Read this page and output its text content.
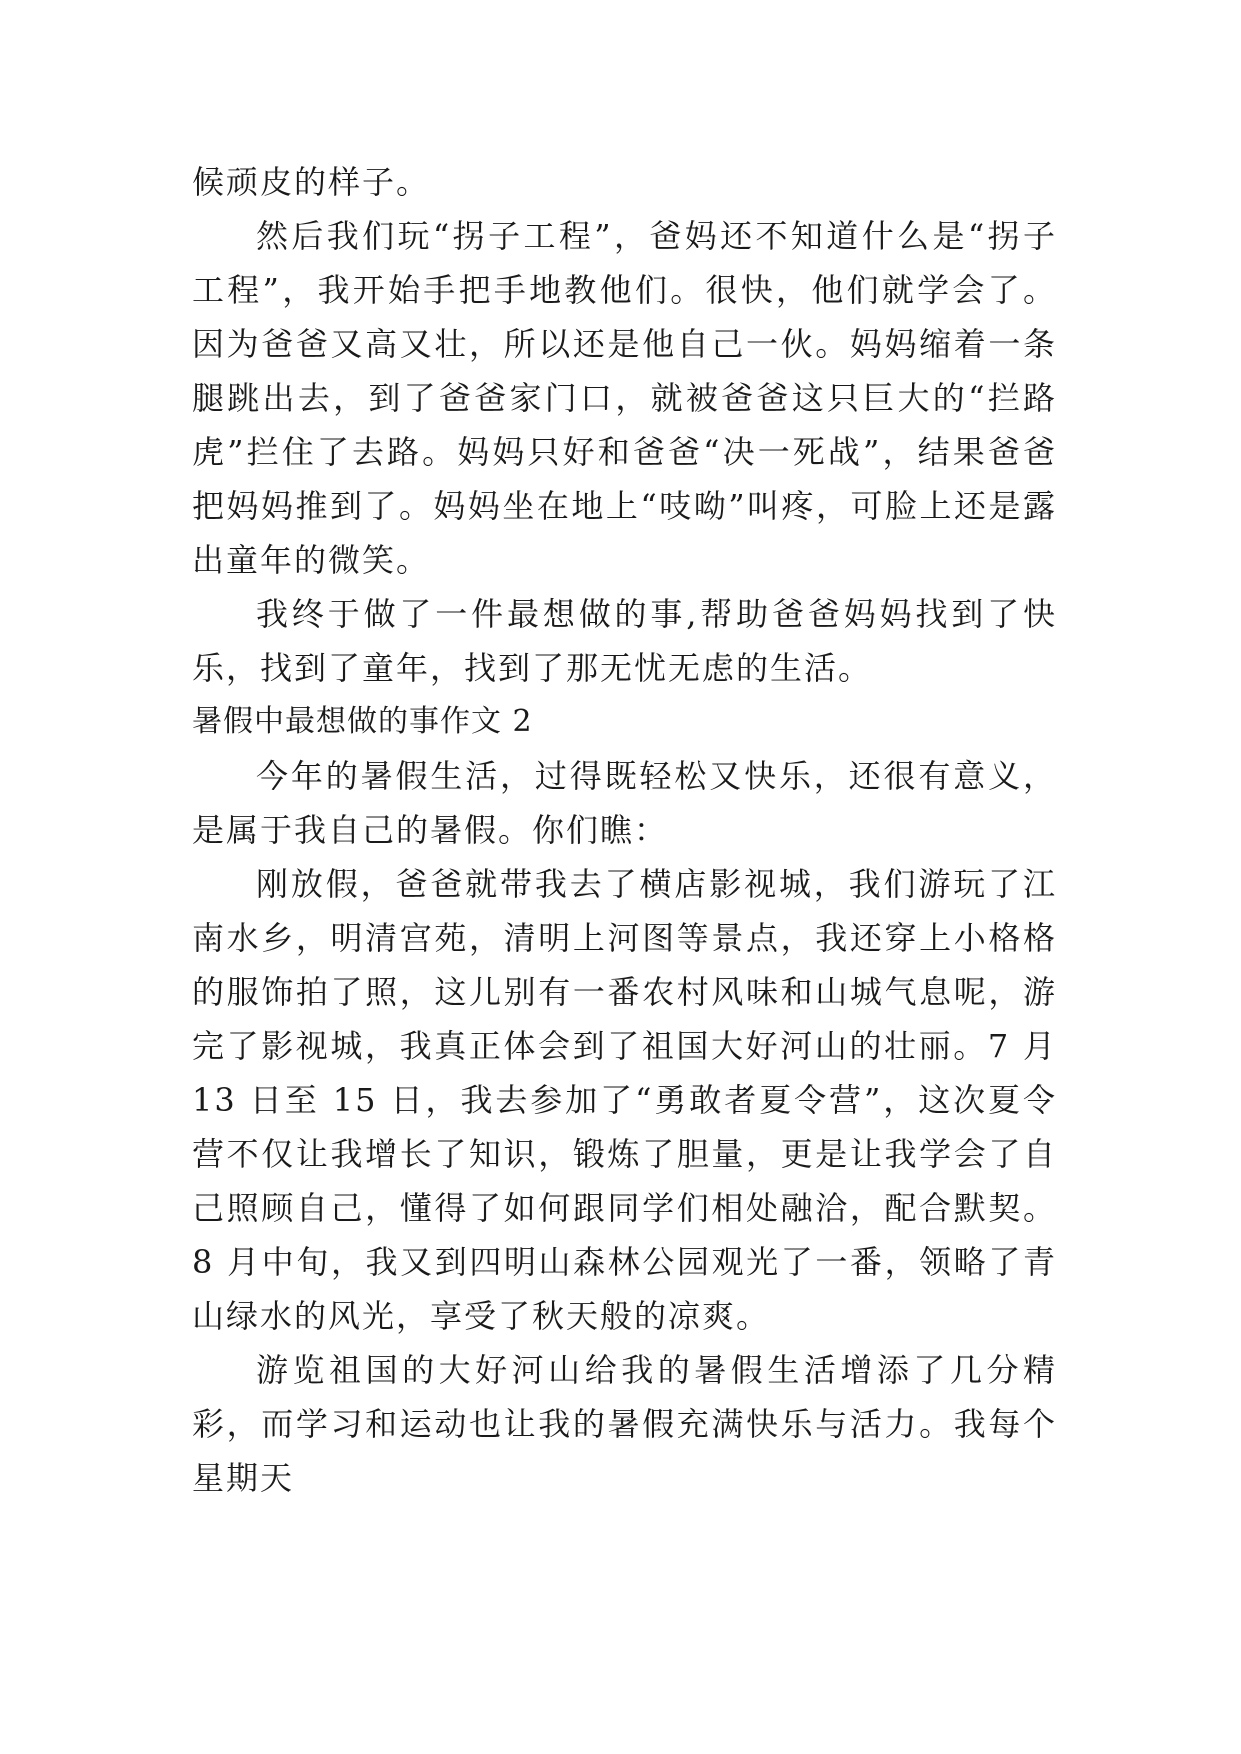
候顽皮的样子。

然后我们玩“拐子工程”，爸妈还不知道什么是“拐子工程”，我开始手把手地教他们。很快，他们就学会了。因为爸爸又高又壮，所以还是他自己一伙。妈妈缩着一条腿跳出去，到了爸爸家门口，就被爸爸这只巨大的“拦路虎”拦住了去路。妈妈只好和爸爸“决一死战”，结果爸爸把妈妈推到了。妈妈坐在地上“吱呦”叫疼，可脸上还是露出童年的微笑。

我终于做了一件最想做的事,帮助爸爸妈妈找到了快乐，找到了童年，找到了那无忧无虑的生活。

暑假中最想做的事作文 2

今年的暑假生活，过得既轻松又快乐，还很有意义，是属于我自己的暑假。你们瞧：

刚放假，爸爸就带我去了横店影视城，我们游玩了江南水乡，明清宫苑，清明上河图等景点，我还穿上小格格的服饰拍了照，这儿别有一番农村风味和山城气息呢，游完了影视城，我真正体会到了祖国大好河山的壮丽。7 月 13 日至 15 日，我去参加了“勇敢者夏令营”，这次夏令营不仅让我增长了知识，锻炼了胆量，更是让我学会了自己照顾自己，懂得了如何跟同学们相处融洽，配合默契。8 月中旬，我又到四明山森林公园观光了一番，领略了青山绿水的风光，享受了秋天般的凉爽。

游览祖国的大好河山给我的暑假生活增添了几分精彩，而学习和运动也让我的暑假充满快乐与活力。我每个星期天
